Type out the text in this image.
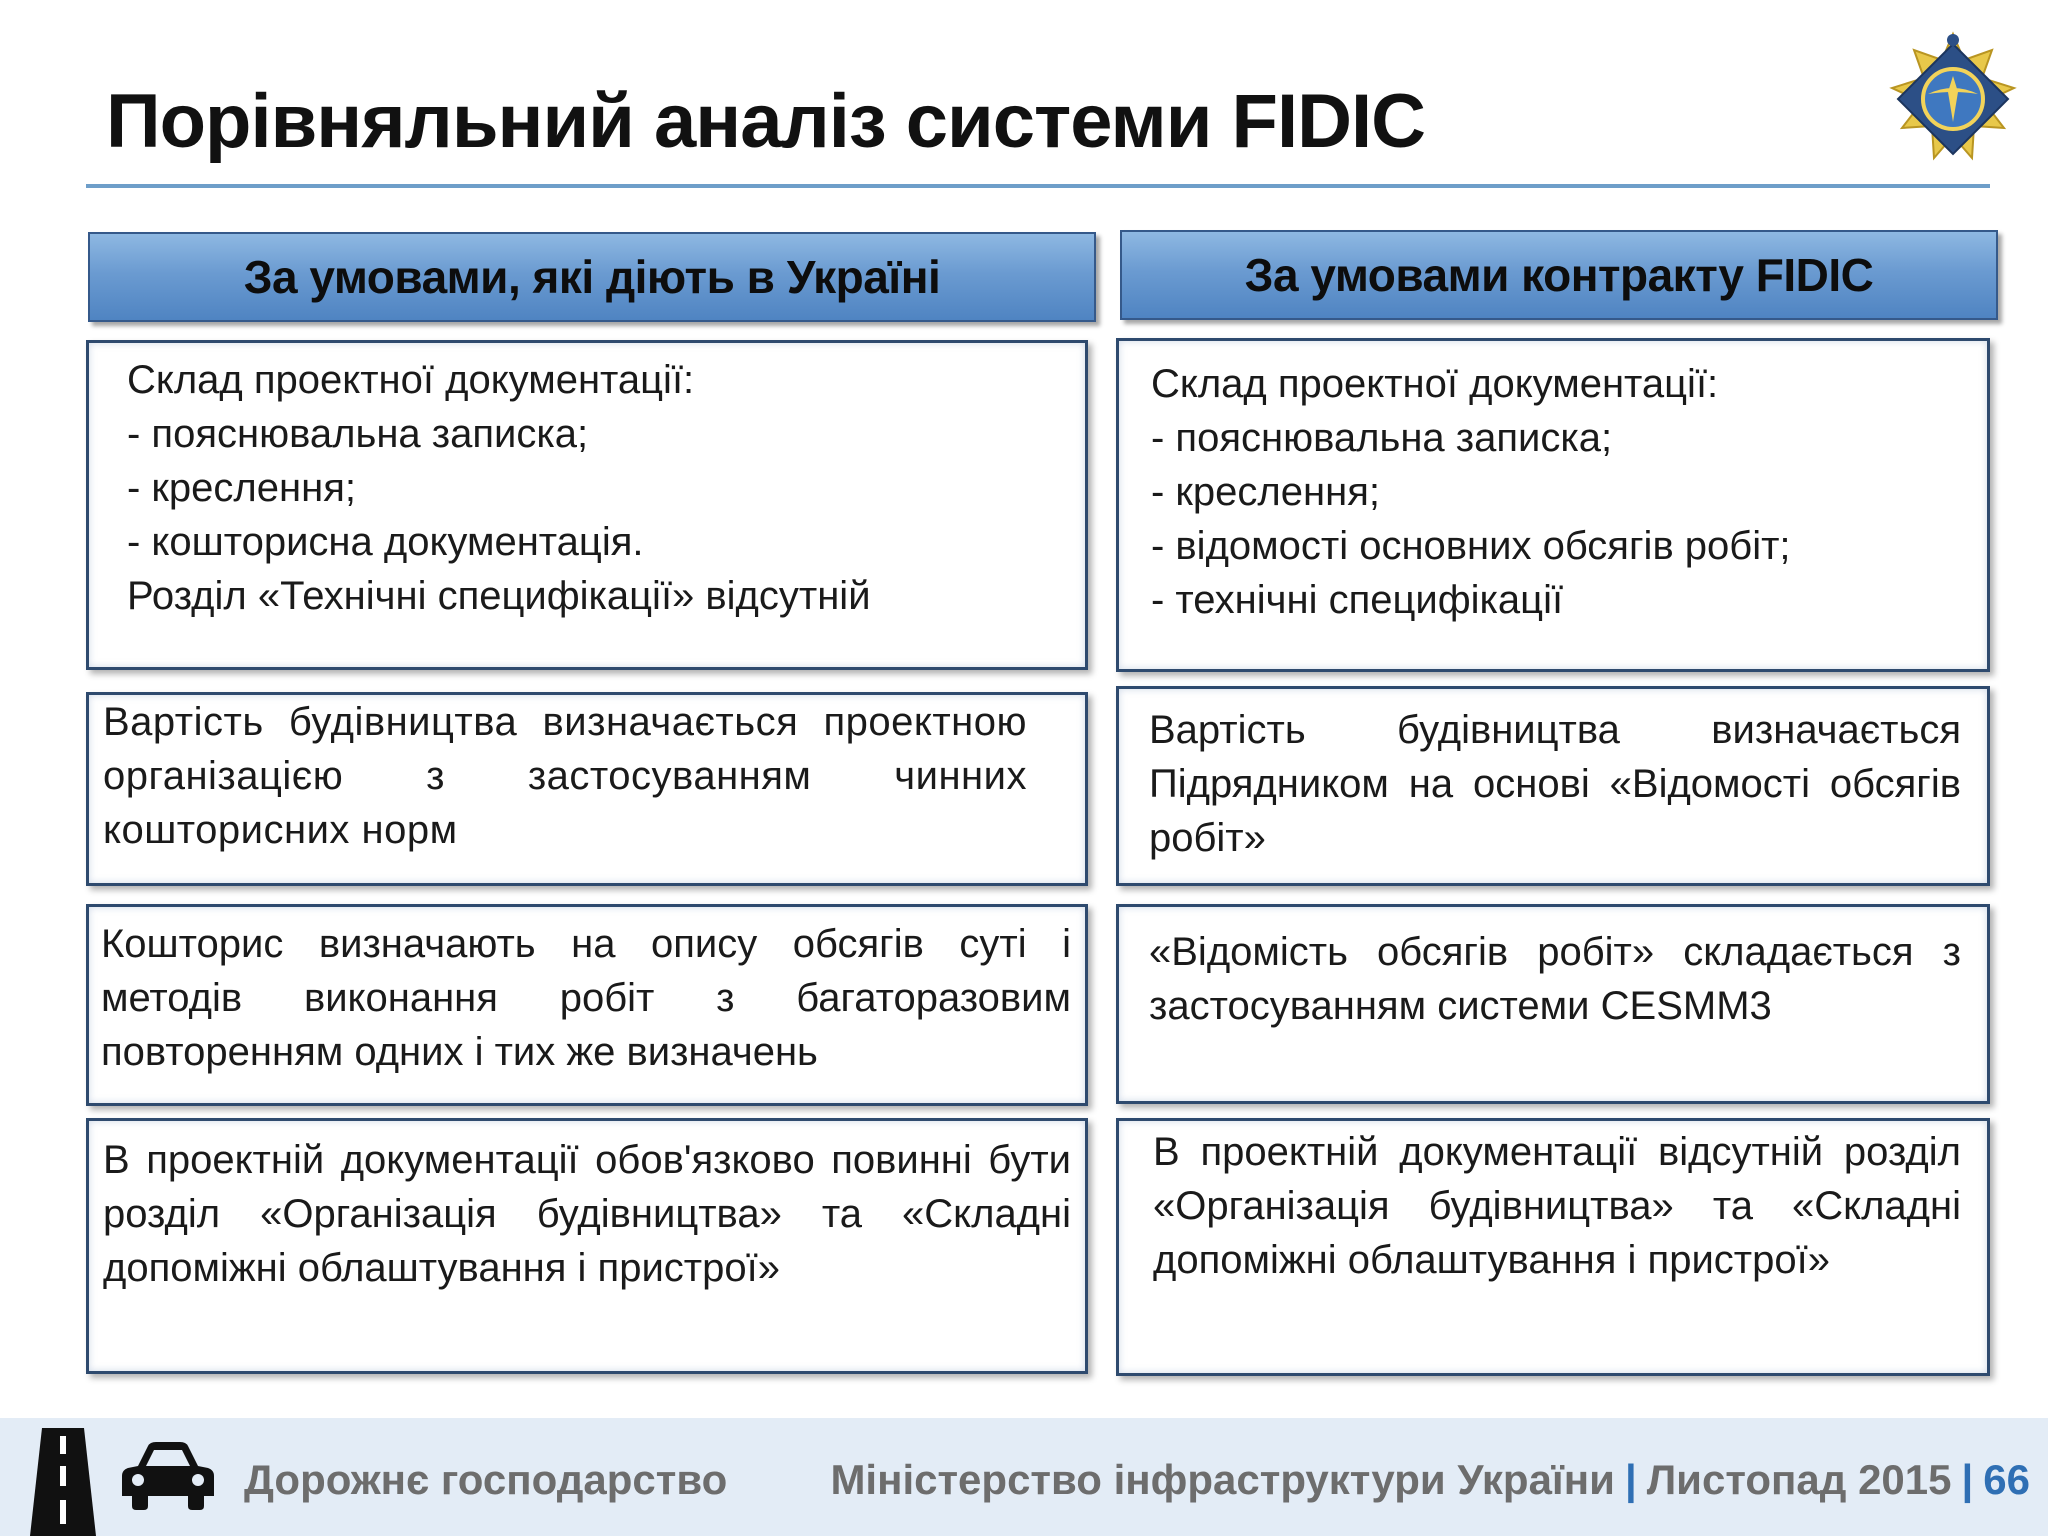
Порівняльний аналіз системи FIDIC
За умовами, які діють в Україні	За умовами контракту FIDIC
Склад проектної документації:
- пояснювальна записка;
- креслення;
- кошторисна документація.
Розділ «Технічні специфікації» відсутній
Склад проектної документації:
- пояснювальна записка;
- креслення;
- відомості основних обсягів робіт;
- технічні специфікації
Вартість будівництва визначається проектною організацією з застосуванням чинних кошторисних норм
Вартість будівництва визначається Підрядником на основі «Відомості обсягів робіт»
Кошторис визначають на опису обсягів суті і методів виконання робіт з багаторазовим повторенням одних і тих же визначень
«Відомість обсягів робіт» складається з застосуванням системи CESMM3
В проектній документації обов'язково повинні бути розділ «Організація будівництва» та «Складні допоміжні облаштування і пристрої»
В проектній документації відсутній розділ «Організація будівництва» та «Складні допоміжні облаштування і пристрої»
Дорожнє господарство Міністерство інфраструктури України | Листопад 2015 | 66
